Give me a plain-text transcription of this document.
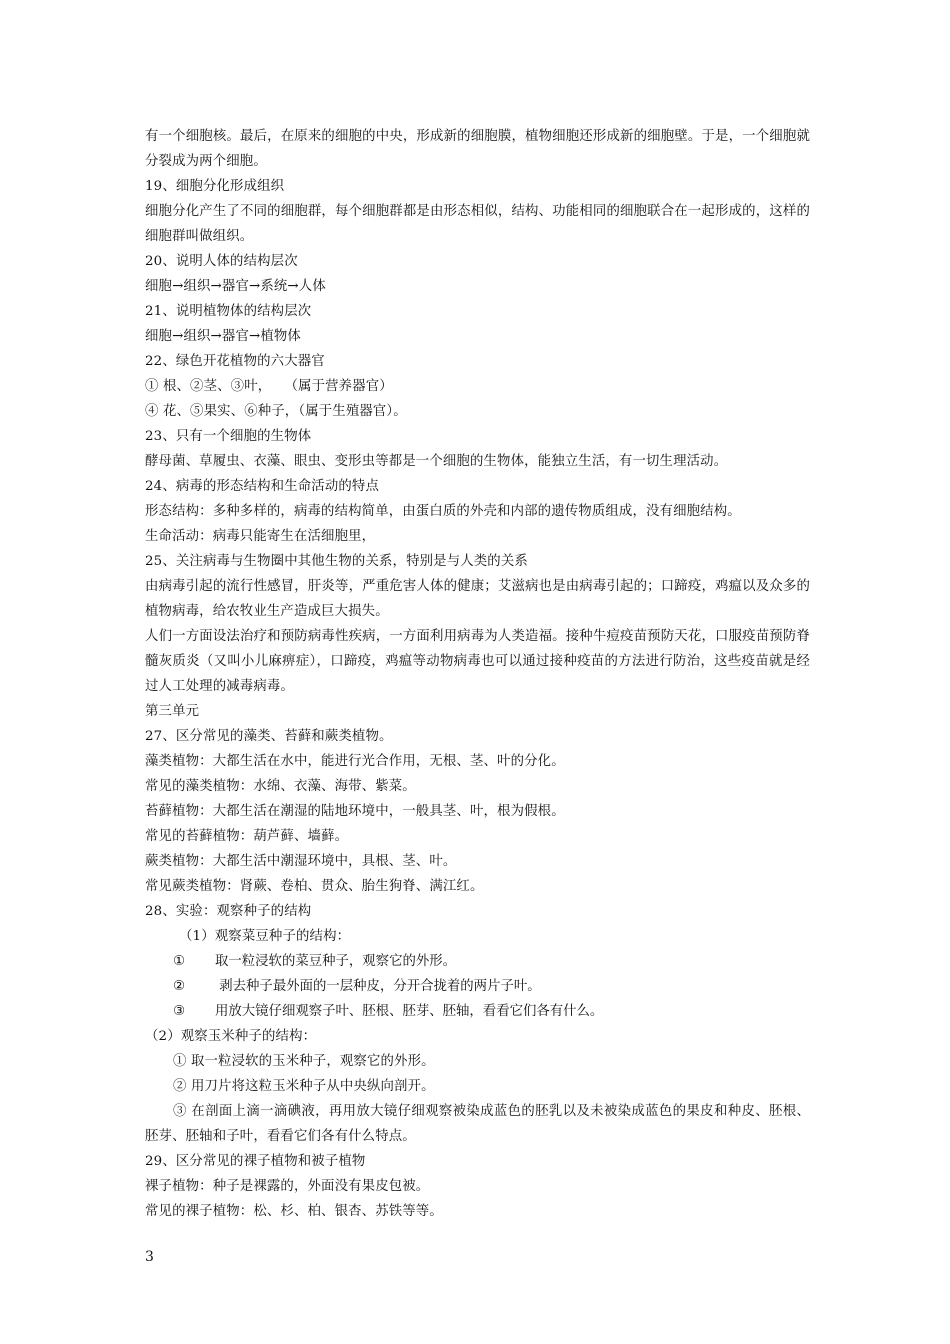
有一个细胞核。最后，在原来的细胞的中央，形成新的细胞膜，植物细胞还形成新的细胞壁。于是，一个细胞就分裂成为两个细胞。

19、细胞分化形成组织

细胞分化产生了不同的细胞群，每个细胞群都是由形态相似，结构、功能相同的细胞联合在一起形成的，这样的细胞群叫做组织。

20、说明人体的结构层次

细胞→组织→器官→系统→人体

21、说明植物体的结构层次

细胞→组织→器官→植物体

22、绿色开花植物的六大器官

① 根、②茎、③叶，   （属于营养器官）

④ 花、⑤果实、⑥种子，（属于生殖器官）。

23、只有一个细胞的生物体

酵母菌、草履虫、衣藻、眼虫、变形虫等都是一个细胞的生物体，能独立生活，有一切生理活动。

24、病毒的形态结构和生命活动的特点

形态结构：多种多样的，病毒的结构简单，由蛋白质的外壳和内部的遗传物质组成，没有细胞结构。

生命活动：病毒只能寄生在活细胞里，

25、关注病毒与生物圈中其他生物的关系，特别是与人类的关系

由病毒引起的流行性感冒，肝炎等，严重危害人体的健康；艾滋病也是由病毒引起的；口蹄疫，鸡瘟以及众多的植物病毒，给农牧业生产造成巨大损失。

人们一方面设法治疗和预防病毒性疾病，一方面利用病毒为人类造福。接种牛痘疫苗预防天花，口服疫苗预防脊髓灰质炎（又叫小儿麻痹症），口蹄疫，鸡瘟等动物病毒也可以通过接种疫苗的方法进行防治，这些疫苗就是经过人工处理的减毒病毒。

第三单元

27、区分常见的藻类、苔藓和蕨类植物。

藻类植物：大都生活在水中，能进行光合作用，无根、茎、叶的分化。

常见的藻类植物：水绵、衣藻、海带、紫菜。

苔藓植物：大都生活在潮湿的陆地环境中，一般具茎、叶，根为假根。

常见的苔藓植物：葫芦藓、墙藓。

蕨类植物：大都生活中潮湿环境中，具根、茎、叶。

常见蕨类植物：肾蕨、卷柏、贯众、胎生狗脊、满江红。

28、实验：观察种子的结构

（1）观察菜豆种子的结构：

① 取一粒浸软的菜豆种子，观察它的外形。
② 剥去种子最外面的一层种皮，分开合拢着的两片子叶。
③ 用放大镜仔细观察子叶、胚根、胚芽、胚轴，看看它们各有什么。

（2）观察玉米种子的结构：

① 取一粒浸软的玉米种子，观察它的外形。

② 用刀片将这粒玉米种子从中央纵向剖开。

③ 在剖面上滴一滴碘液，再用放大镜仔细观察被染成蓝色的胚乳以及未被染成蓝色的果皮和种皮、胚根、胚芽、胚轴和子叶，看看它们各有什么特点。

29、区分常见的裸子植物和被子植物

裸子植物：种子是裸露的，外面没有果皮包被。

常见的裸子植物：松、杉、柏、银杏、苏铁等等。

3
